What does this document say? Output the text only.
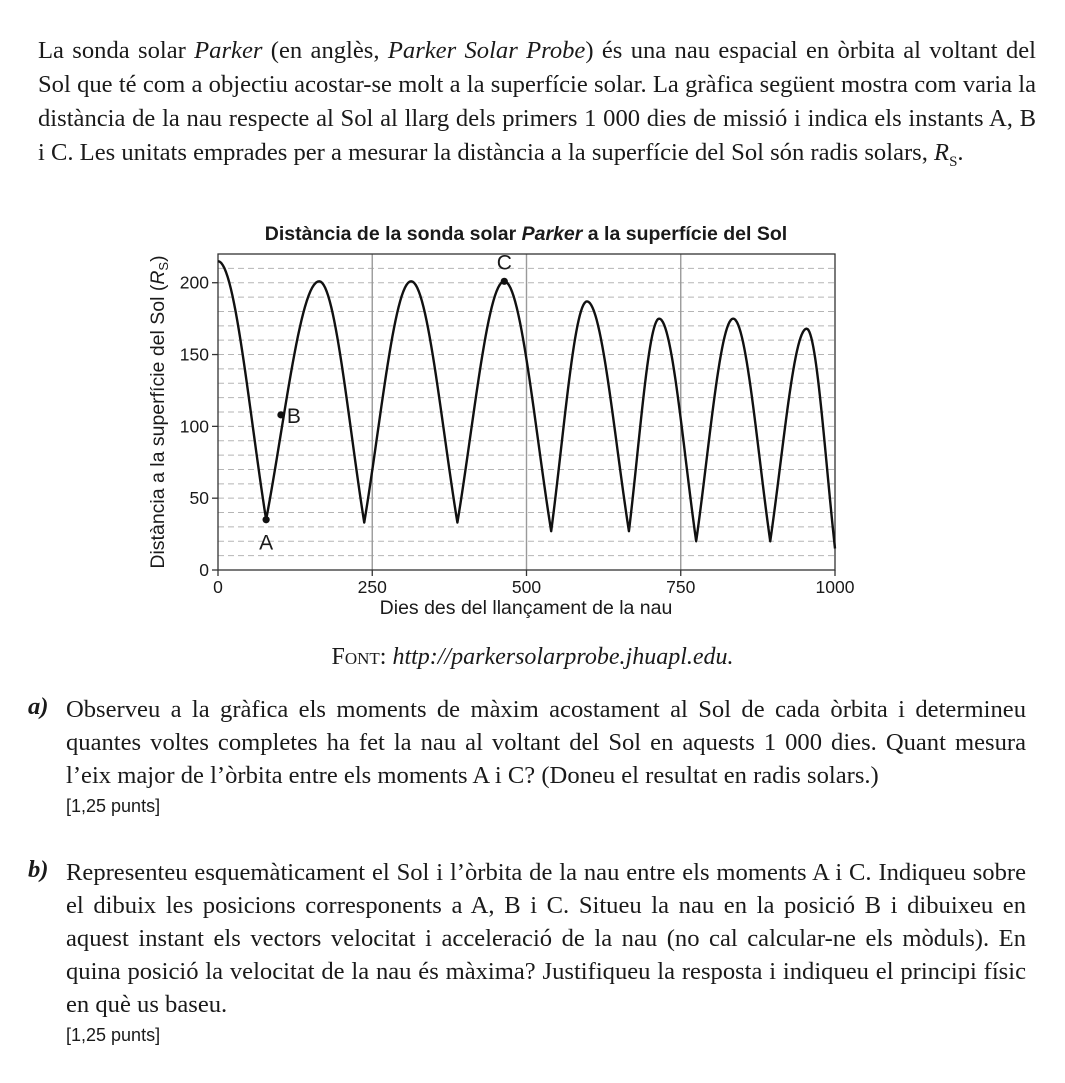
La sonda solar Parker (en anglès, Parker Solar Probe) és una nau espacial en òrbita al voltant del Sol que té com a objectiu acostar-se molt a la superfície solar. La gràfica següent mostra com varia la distància de la nau respecte al Sol al llarg dels primers 1 000 dies de missió i indica els instants A, B i C. Les unitats emprades per a mesurar la distància a la superfície del Sol són radis solars, $R_S$.

Distància de la sonda solar Parker a la superfície del Sol
0
50
100
150
200
0	250	500	750	1000
A
B
C
Dies des del llançament de la nau
Distància a la superfície del Sol $(R_S)$
Font: http://parkersolarprobe.jhuapl.edu.
a) Observeu a la gràfica els moments de màxim acostament al Sol de cada òrbita i determineu quantes voltes completes ha fet la nau al voltant del Sol en aquests 1 000 dies. Quant mesura l’eix major de l’òrbita entre els moments A i C? (Doneu el resultat en radis solars.)
[1,25 punts]
b) Representeu esquemàticament el Sol i l’òrbita de la nau entre els moments A i C. Indiqueu sobre el dibuix les posicions corresponents a A, B i C. Situeu la nau en la posició B i dibuixeu en aquest instant els vectors velocitat i acceleració de la nau (no cal calcular-ne els mòduls). En quina posició la velocitat de la nau és màxima? Justifiqueu la resposta i indiqueu el principi físic en què us baseu.
[1,25 punts]
